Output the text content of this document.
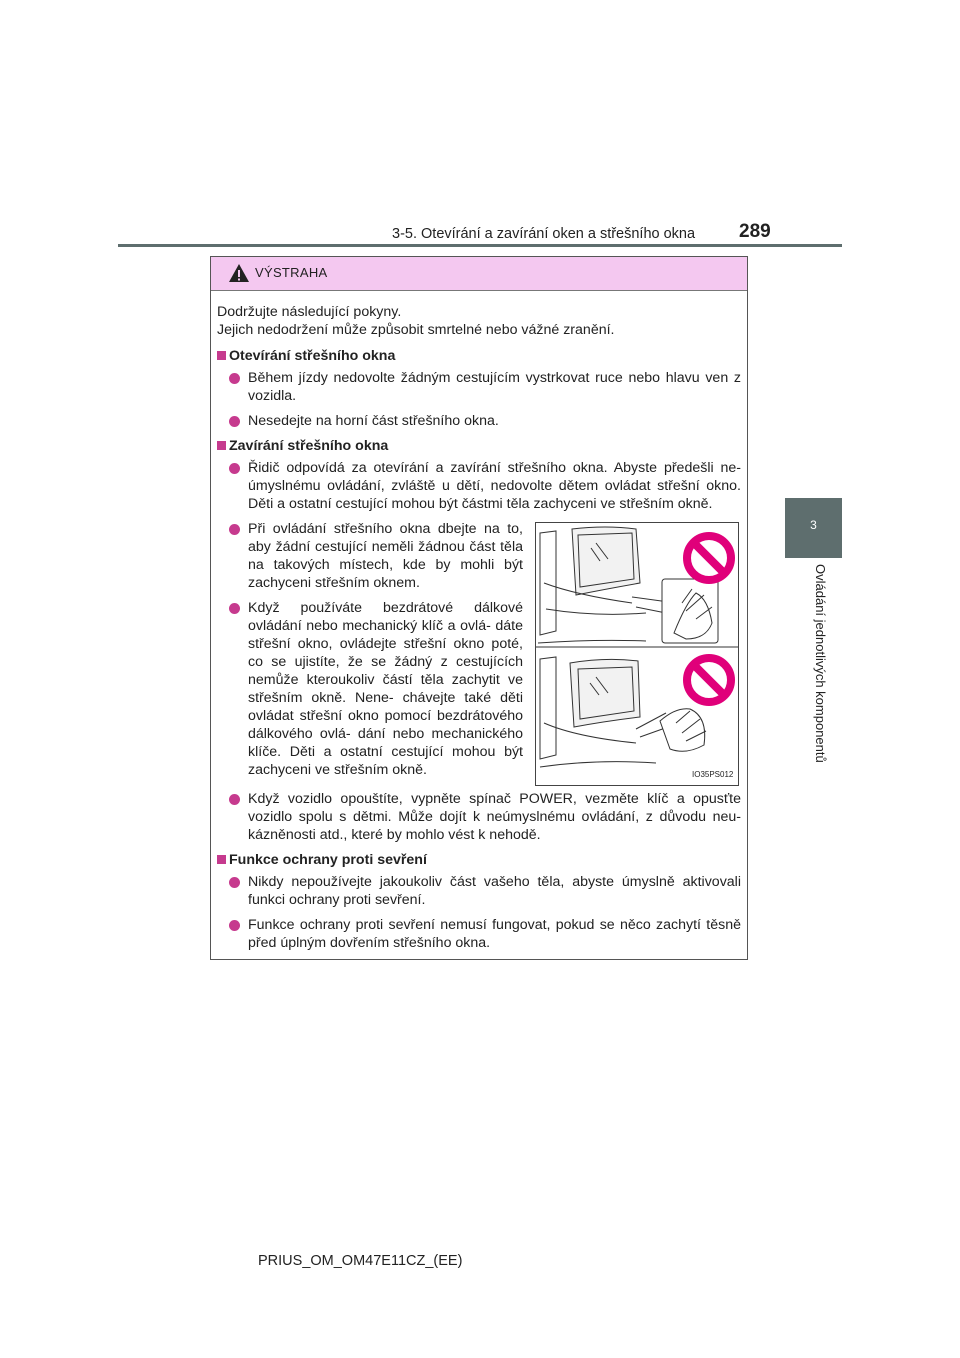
3-5. Otevírání a zavírání oken a střešního okna 289
3
Ovládání jednotlivých komponentů
VÝSTRAHA

Dodržujte následující pokyny.
Jejich nedodržení může způsobit smrtelné nebo vážné zranění.

Otevírání střešního okna
Během jízdy nedovolte žádným cestujícím vystrkovat ruce nebo hlavu ven z vozidla.
Nesedejte na horní část střešního okna.
Zavírání střešního okna
Řidič odpovídá za otevírání a zavírání střešního okna. Abyste předešli ne- úmyslnému ovládání, zvláště u dětí, nedovolte dětem ovládat střešní okno. Děti a ostatní cestující mohou být částmi těla zachyceni ve střešním okně.
Při ovládání střešního okna dbejte na to, aby žádní cestující neměli žádnou část těla na takových místech, kde by mohli být zachyceni střešním oknem.
Když používáte bezdrátové dálkové ovládání nebo mechanický klíč a ovlá- dáte střešní okno, ovládejte střešní okno poté, co se ujistíte, že se žádný z cestujících nemůže kteroukoliv částí těla zachytit ve střešním okně. Nene- chávejte také děti ovládat střešní okno pomocí bezdrátového dálkového ovlá- dání nebo mechanického klíče. Děti a ostatní cestující mohou být zachyceni ve střešním okně.	IO35PS012
Když vozidlo opouštíte, vypněte spínač POWER, vezměte klíč a opusťte vozidlo spolu s dětmi. Může dojít k neúmyslnému ovládání, z důvodu neu- kázněnosti atd., které by mohlo vést k nehodě.
Funkce ochrany proti sevření
Nikdy nepoužívejte jakoukoliv část vašeho těla, abyste úmyslně aktivovali funkci ochrany proti sevření.
Funkce ochrany proti sevření nemusí fungovat, pokud se něco zachytí těsně před úplným dovřením střešního okna.
PRIUS_OM_OM47E11CZ_(EE)
